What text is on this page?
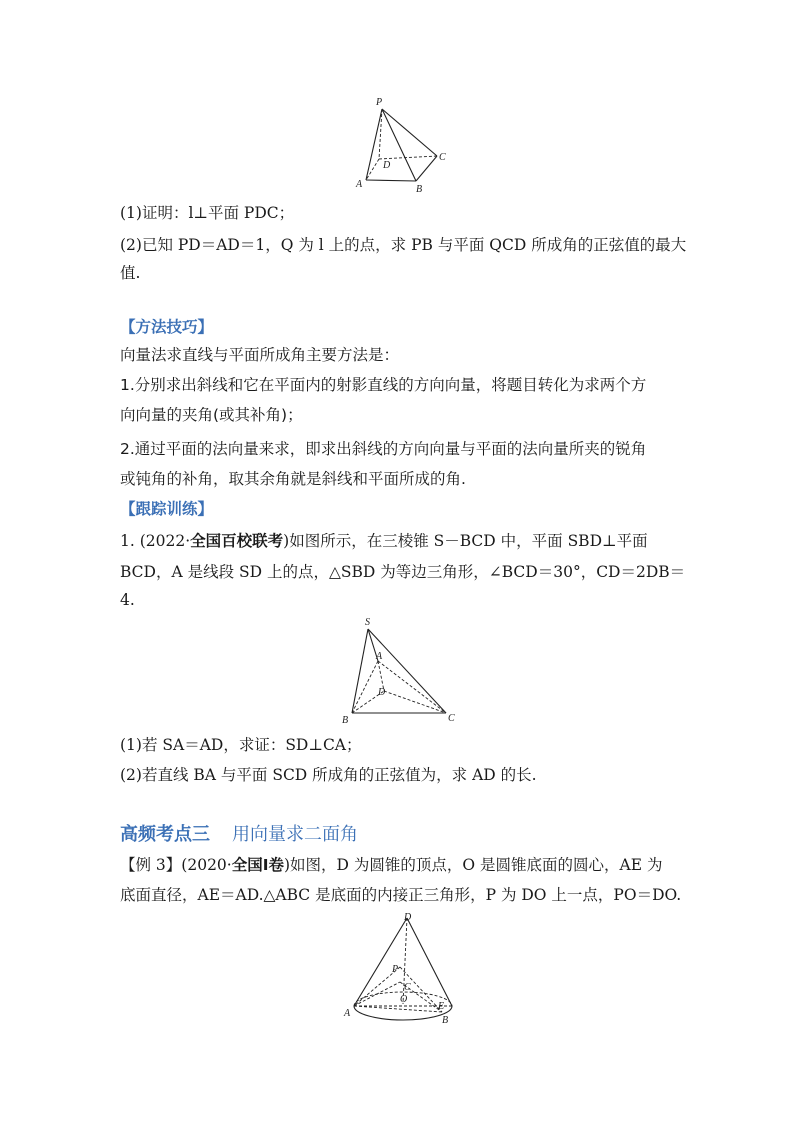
P
C
D
A	B
(1)证明：l⊥平面 PDC；
(2)已知 PD＝AD＝1，Q 为 l 上的点，求 PB 与平面 QCD 所成角的正弦值的最大
值.
【方法技巧】
向量法求直线与平面所成角主要方法是：
1.分别求出斜线和它在平面内的射影直线的方向向量，将题目转化为求两个方
向向量的夹角(或其补角)；
2.通过平面的法向量来求，即求出斜线的方向向量与平面的法向量所夹的锐角
或钝角的补角，取其余角就是斜线和平面所成的角.
【跟踪训练】
1. (2022·全国百校联考)如图所示，在三棱锥 S－BCD 中，平面 SBD⊥平面
BCD，A 是线段 SD 上的点，△SBD 为等边三角形，∠BCD＝30°，CD＝2DB＝
4.
S
A
D
B	C
(1)若 SA＝AD，求证：SD⊥CA；
(2)若直线 BA 与平面 SCD 所成角的正弦值为，求 AD 的长.
高频考点三 用向量求二面角
【例 3】(2020·全国Ⅰ卷)如图，D 为圆锥的顶点，O 是圆锥底面的圆心，AE 为
底面直径，AE＝AD.△ABC 是底面的内接正三角形，P 为 DO 上一点，PO＝DO.
D
P
C
O
A
E
B
